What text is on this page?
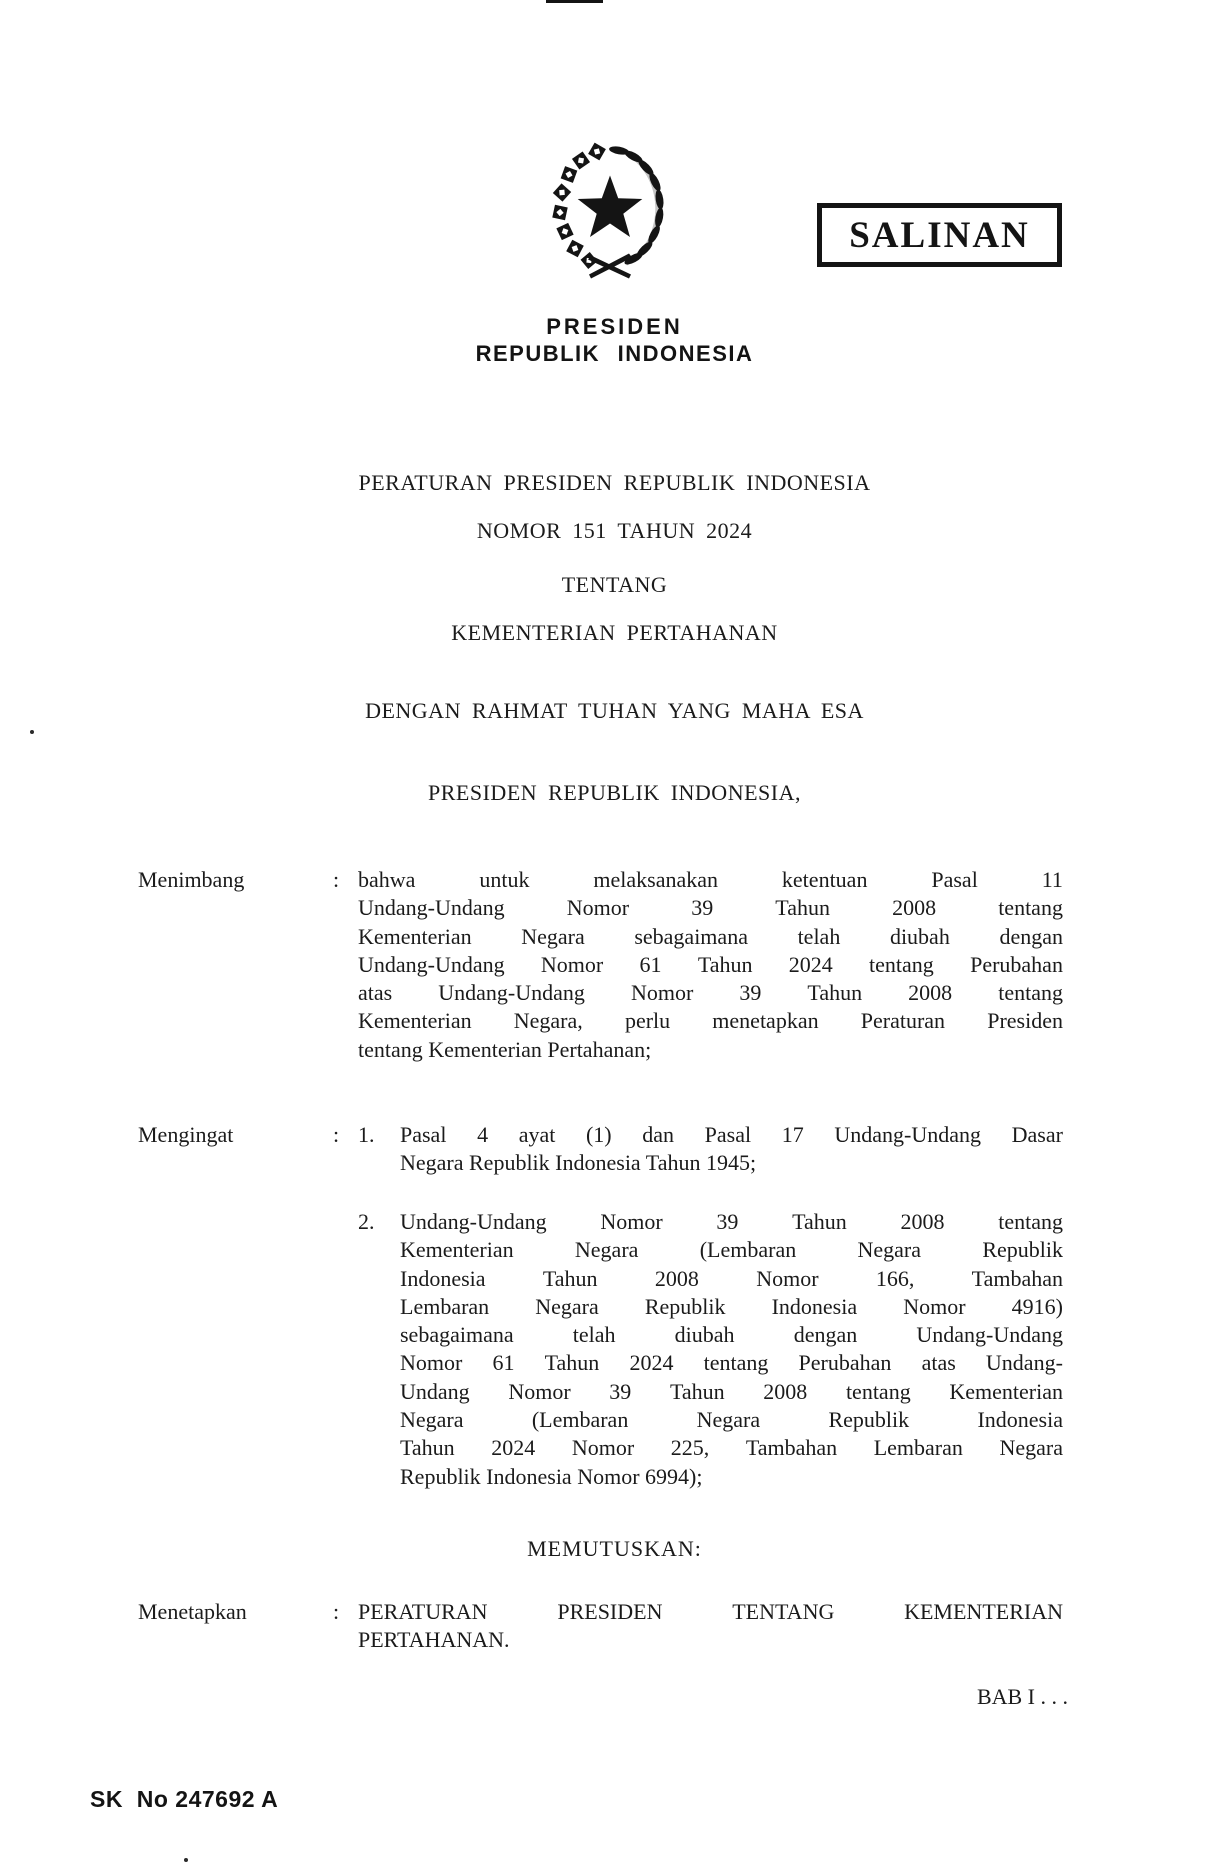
PRESIDEN
REPUBLIK INDONESIA
SALINAN
PERATURAN PRESIDEN REPUBLIK INDONESIA
NOMOR 151 TAHUN 2024
TENTANG
KEMENTERIAN PERTAHANAN
DENGAN RAHMAT TUHAN YANG MAHA ESA
PRESIDEN REPUBLIK INDONESIA,
Menimbang	: bahwa	untuk	melaksanakan	ketentuan	Pasal	11
Undang-Undang	Nomor	39	Tahun	2008	tentang
Kementerian Negara sebagaimana telah diubah dengan
Undang-Undang Nomor 61 Tahun 2024 tentang Perubahan
atas Undang-Undang Nomor 39 Tahun 2008 tentang
Kementerian Negara, perlu menetapkan Peraturan Presiden
tentang Kementerian Pertahanan;
Mengingat	: 1. Pasal 4 ayat (1) dan Pasal 17 Undang-Undang Dasar
Negara Republik Indonesia Tahun 1945;
2. Undang-Undang Nomor 39 Tahun 2008 tentang
Kementerian	Negara	(Lembaran	Negara	Republik
Indonesia	Tahun	2008	Nomor	166,	Tambahan
Lembaran Negara Republik Indonesia Nomor 4916)
sebagaimana	telah	diubah	dengan	Undang-Undang
Nomor 61 Tahun 2024 tentang Perubahan atas Undang-
Undang Nomor 39 Tahun 2008 tentang Kementerian
Negara	(Lembaran	Negara	Republik	Indonesia
Tahun 2024 Nomor 225, Tambahan Lembaran Negara
Republik Indonesia Nomor 6994);
MEMUTUSKAN:
Menetapkan	: PERATURAN	PRESIDEN	TENTANG	KEMENTERIAN
PERTAHANAN.
BAB I . . .
SK  No 247692 A
